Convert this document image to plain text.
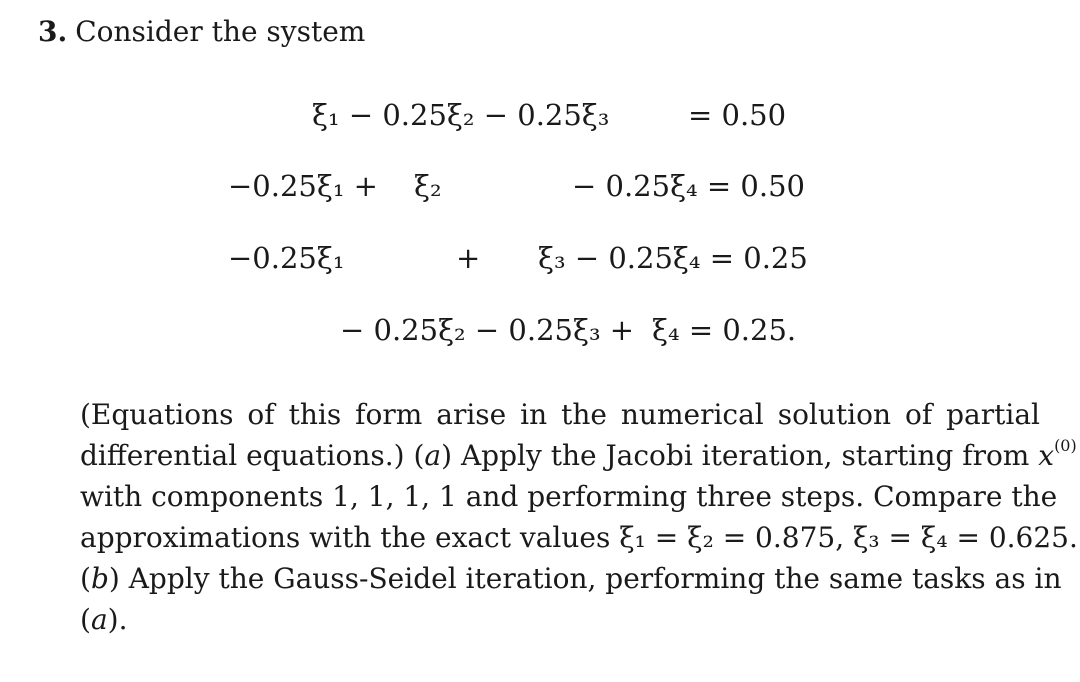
3. Consider the system
ξ₁ − 0.25ξ₂ − 0.25ξ₃	= 0.50
−0.25ξ₁ + ξ₂	− 0.25ξ₄ = 0.50
−0.25ξ₁	+ ξ₃ − 0.25ξ₄ = 0.25
− 0.25ξ₂ − 0.25ξ₃ + ξ₄ = 0.25.
(Equations of this form arise in the numerical solution of partial
differential equations.) (a) Apply the Jacobi iteration, starting from $x^{(0)}$
with components 1, 1, 1, 1 and performing three steps. Compare the
approximations with the exact values ξ₁ = ξ₂ = 0.875, ξ₃ = ξ₄ = 0.625.
(b) Apply the Gauss-Seidel iteration, performing the same tasks as in
(a).
